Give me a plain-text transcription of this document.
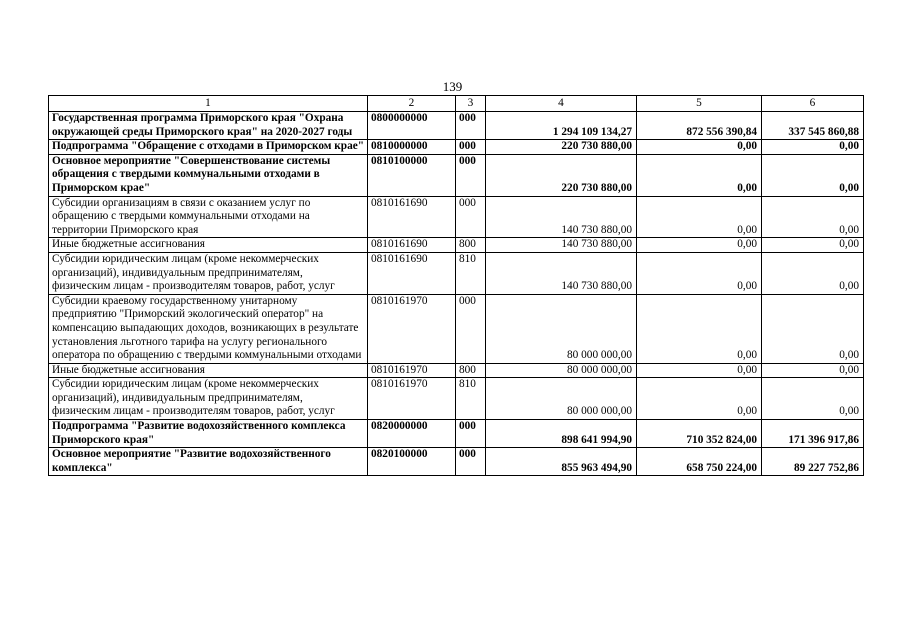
139
1	2	3	4	5	6
Государственная программа Приморского края "Охрана окружающей среды Приморского края" на 2020-2027 годы	0800000000	000	1 294 109 134,27	872 556 390,84	337 545 860,88
Подпрограмма "Обращение с отходами в Приморском крае"	0810000000	000	220 730 880,00	0,00	0,00
Основное мероприятие "Совершенствование системы обращения с твердыми коммунальными отходами в Приморском крае"	0810100000	000	220 730 880,00	0,00	0,00
Субсидии организациям в связи с оказанием услуг по обращению с твердыми коммунальными отходами на территории Приморского края	0810161690	000	140 730 880,00	0,00	0,00
Иные бюджетные ассигнования	0810161690	800	140 730 880,00	0,00	0,00
Субсидии юридическим лицам (кроме некоммерческих организаций), индивидуальным предпринимателям, физическим лицам - производителям товаров, работ, услуг	0810161690	810	140 730 880,00	0,00	0,00
Субсидии краевому государственному унитарному предприятию "Приморский экологический оператор" на компенсацию выпадающих доходов, возникающих в результате установления льготного тарифа на услугу регионального оператора по обращению с твердыми коммунальными отходами	0810161970	000	80 000 000,00	0,00	0,00
Иные бюджетные ассигнования	0810161970	800	80 000 000,00	0,00	0,00
Субсидии юридическим лицам (кроме некоммерческих организаций), индивидуальным предпринимателям, физическим лицам - производителям товаров, работ, услуг	0810161970	810	80 000 000,00	0,00	0,00
Подпрограмма "Развитие водохозяйственного комплекса Приморского края"	0820000000	000	898 641 994,90	710 352 824,00	171 396 917,86
Основное мероприятие "Развитие водохозяйственного комплекса"	0820100000	000	855 963 494,90	658 750 224,00	89 227 752,86
